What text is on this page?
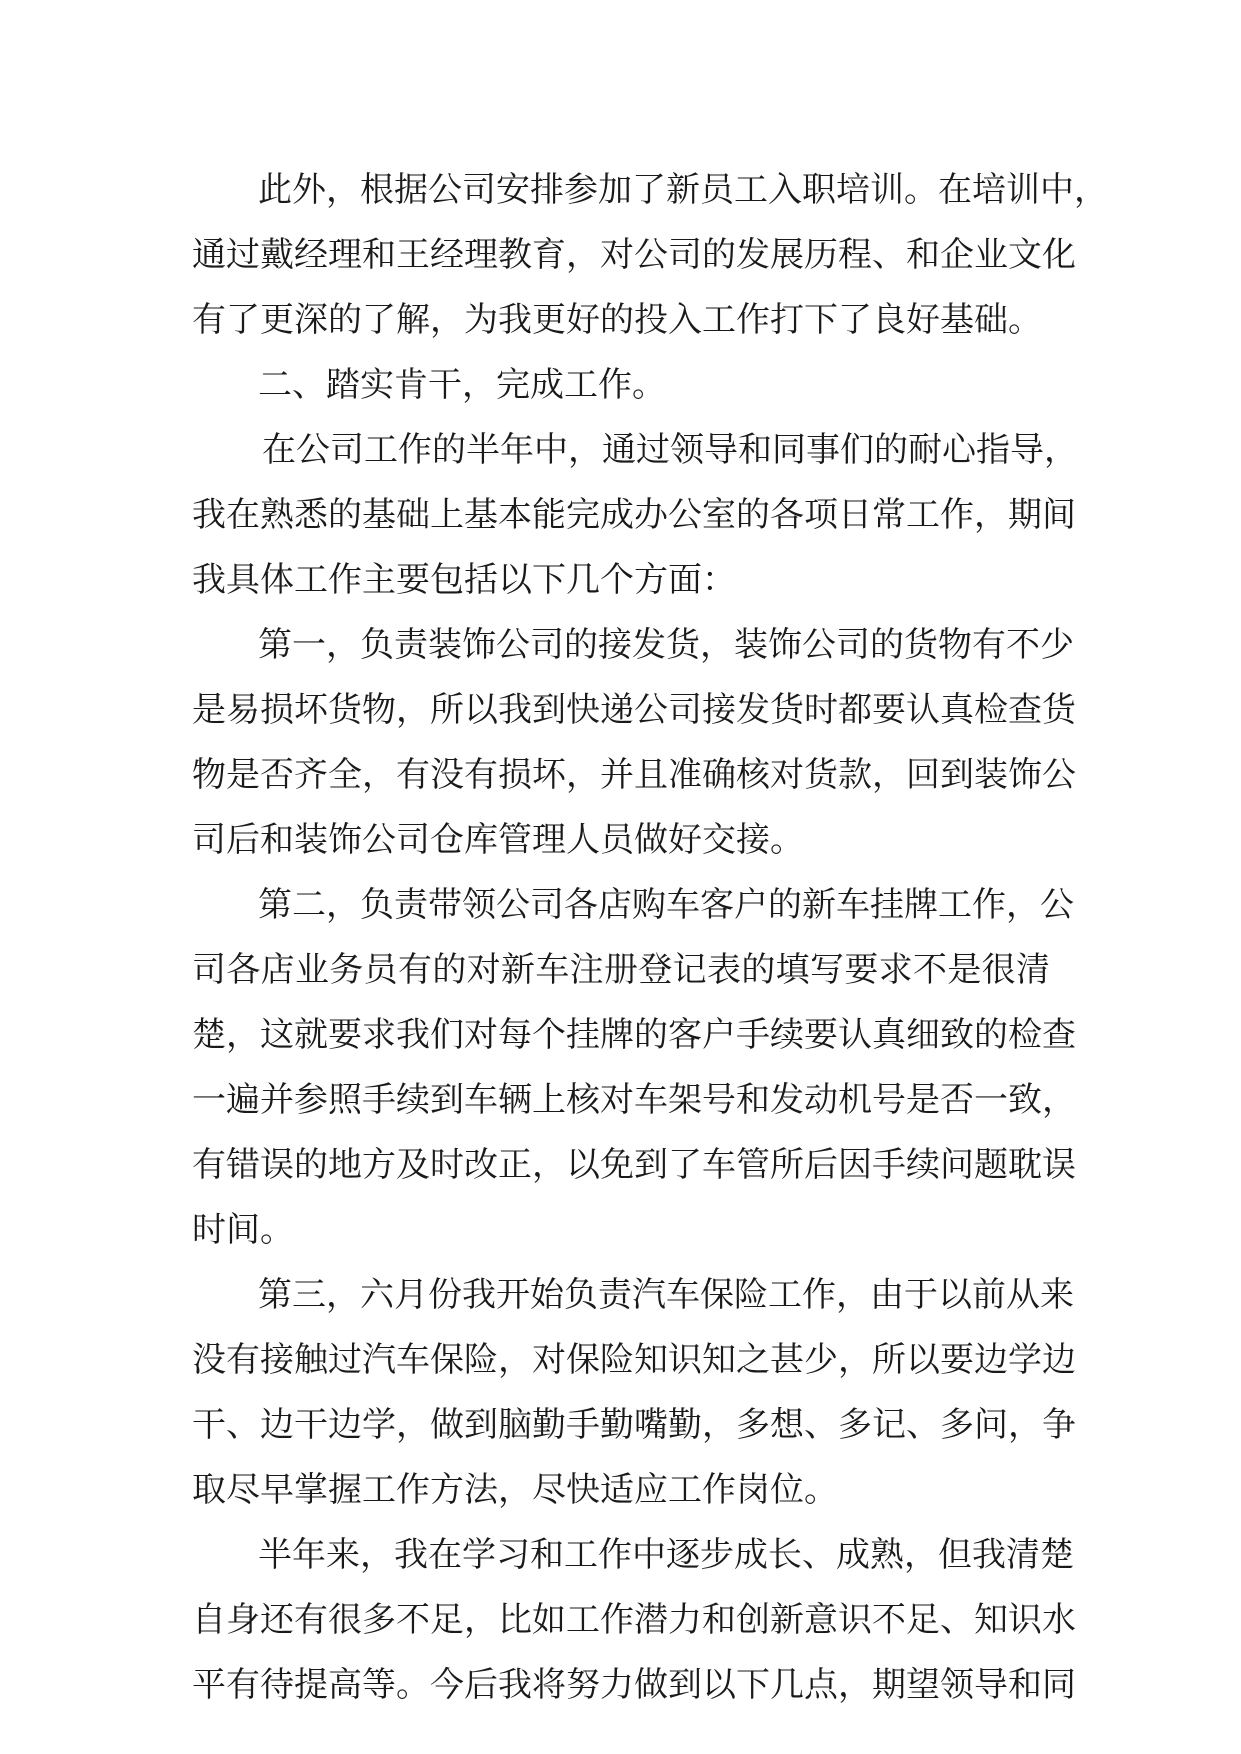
此外，根据公司安排参加了新员工入职培训。在培训中，
通过戴经理和王经理教育，对公司的发展历程、和企业文化
有了更深的了解，为我更好的投入工作打下了良好基础。
二、踏实肯干，完成工作。
在公司工作的半年中，通过领导和同事们的耐心指导，
我在熟悉的基础上基本能完成办公室的各项日常工作，期间
我具体工作主要包括以下几个方面：
第一，负责装饰公司的接发货，装饰公司的货物有不少
是易损坏货物，所以我到快递公司接发货时都要认真检查货
物是否齐全，有没有损坏，并且准确核对货款，回到装饰公
司后和装饰公司仓库管理人员做好交接。
第二，负责带领公司各店购车客户的新车挂牌工作，公
司各店业务员有的对新车注册登记表的填写要求不是很清
楚，这就要求我们对每个挂牌的客户手续要认真细致的检查
一遍并参照手续到车辆上核对车架号和发动机号是否一致，
有错误的地方及时改正，以免到了车管所后因手续问题耽误
时间。
第三，六月份我开始负责汽车保险工作，由于以前从来
没有接触过汽车保险，对保险知识知之甚少，所以要边学边
干、边干边学，做到脑勤手勤嘴勤，多想、多记、多问，争
取尽早掌握工作方法，尽快适应工作岗位。
半年来，我在学习和工作中逐步成长、成熟，但我清楚
自身还有很多不足，比如工作潜力和创新意识不足、知识水
平有待提高等。今后我将努力做到以下几点，期望领导和同
